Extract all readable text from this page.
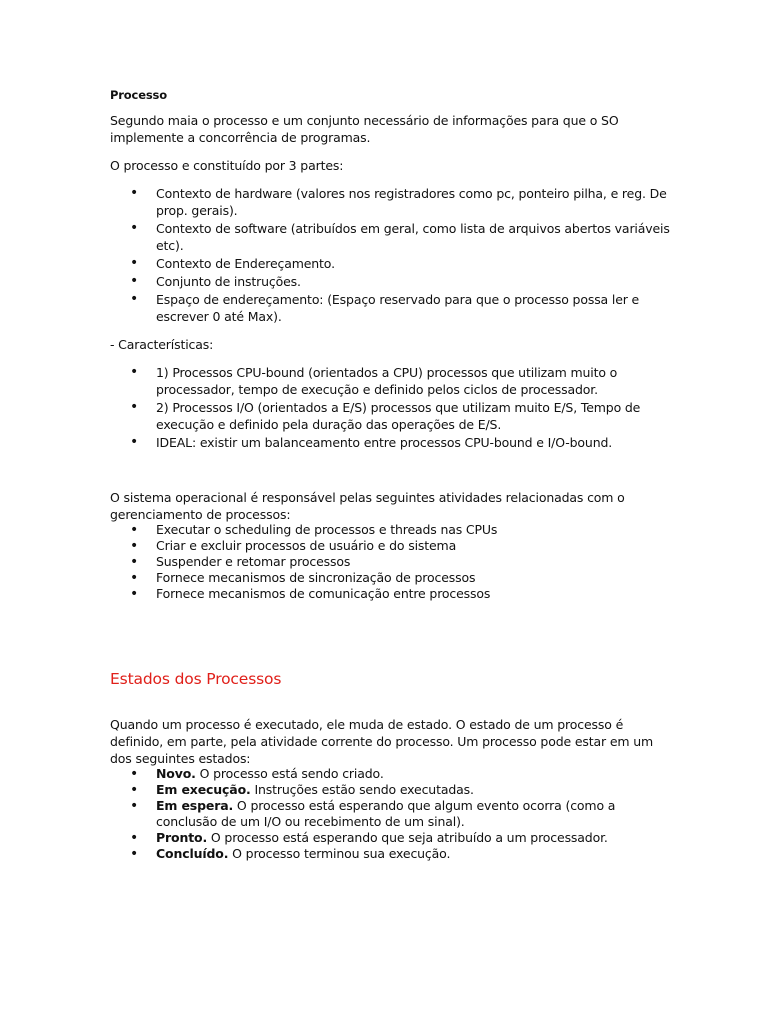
Processo

Segundo maia o processo e um conjunto necessário de informações para que o SO implemente a concorrência de programas.

O processo e constituído por 3 partes:

• Contexto de hardware (valores nos registradores como pc, ponteiro pilha, e reg. De prop. gerais).
• Contexto de software (atribuídos em geral, como lista de arquivos abertos variáveis etc).
• Contexto de Endereçamento.
• Conjunto de instruções.
• Espaço de endereçamento: (Espaço reservado para que o processo possa ler e escrever 0 até Max).

- Características:

• 1) Processos CPU-bound (orientados a CPU) processos que utilizam muito o processador, tempo de execução e definido pelos ciclos de processador.
• 2) Processos I/O (orientados a E/S) processos que utilizam muito E/S, Tempo de execução e definido pela duração das operações de E/S.
• IDEAL: existir um balanceamento entre processos CPU-bound e I/O-bound.

O sistema operacional é responsável pelas seguintes atividades relacionadas com o gerenciamento de processos:

• Executar o scheduling de processos e threads nas CPUs
• Criar e excluir processos de usuário e do sistema
• Suspender e retomar processos
• Fornece mecanismos de sincronização de processos
• Fornece mecanismos de comunicação entre processos
Estados dos Processos

Quando um processo é executado, ele muda de estado. O estado de um processo é definido, em parte, pela atividade corrente do processo. Um processo pode estar em um dos seguintes estados:

• Novo. O processo está sendo criado.
• Em execução. Instruções estão sendo executadas.
• Em espera. O processo está esperando que algum evento ocorra (como a conclusão de um I/O ou recebimento de um sinal).
• Pronto. O processo está esperando que seja atribuído a um processador.
• Concluído. O processo terminou sua execução.
